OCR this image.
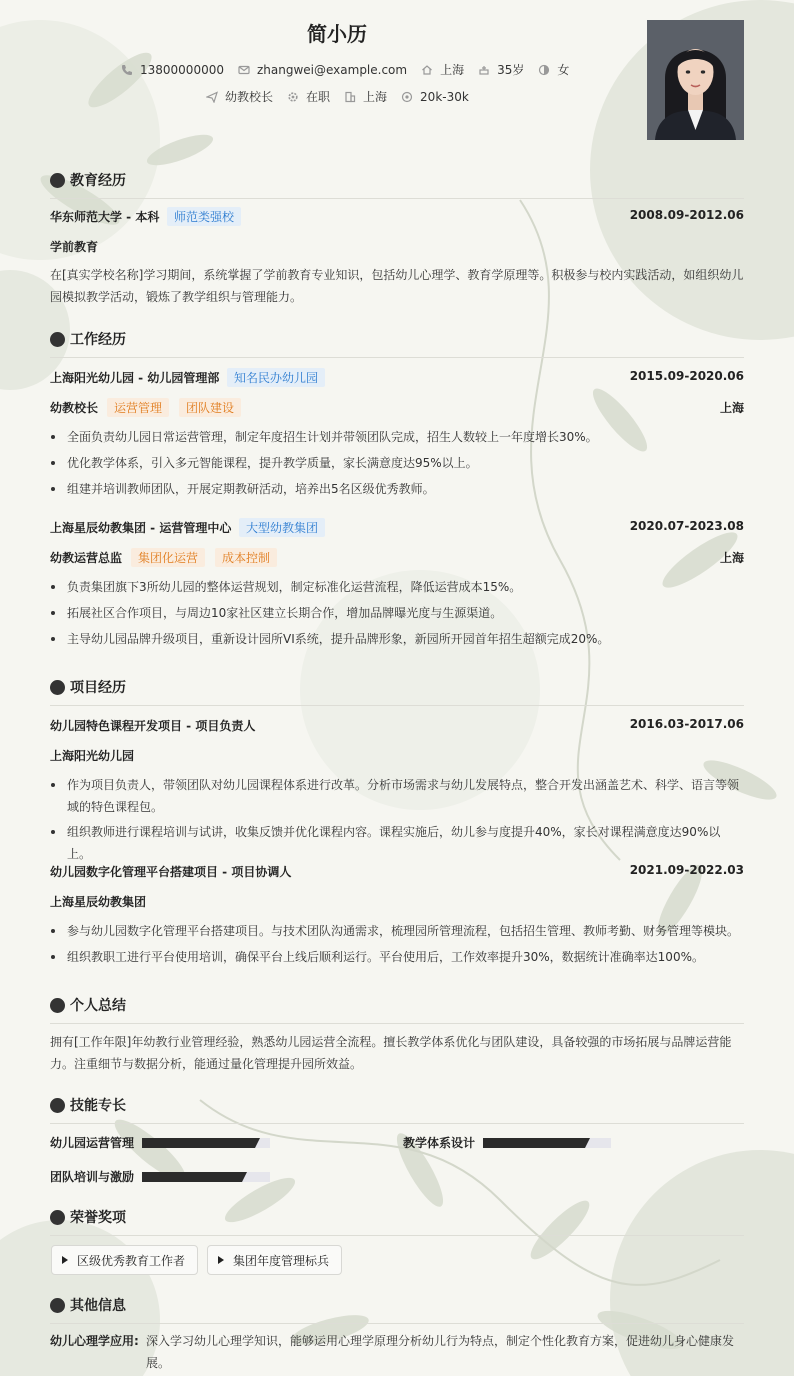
简小历
13800000000	zhangwei@example.com	上海	35岁	女
幼教校长	在职	上海	20k-30k
教育经历
华东师范大学 - 本科	师范类强校	2008.09-2012.06
学前教育
在[真实学校名称]学习期间，系统掌握了学前教育专业知识，包括幼儿心理学、教育学原理等。积极参与校内实践活动，如组织幼儿园模拟教学活动，锻炼了教学组织与管理能力。
工作经历
上海阳光幼儿园 - 幼儿园管理部	知名民办幼儿园	2015.09-2020.06
幼教校长	运营管理	团队建设	上海
全面负责幼儿园日常运营管理，制定年度招生计划并带领团队完成，招生人数较上一年度增长30%。
优化教学体系，引入多元智能课程，提升教学质量，家长满意度达95%以上。
组建并培训教师团队，开展定期教研活动，培养出5名区级优秀教师。
上海星辰幼教集团 - 运营管理中心	大型幼教集团	2020.07-2023.08
幼教运营总监	集团化运营	成本控制	上海
负责集团旗下3所幼儿园的整体运营规划，制定标准化运营流程，降低运营成本15%。
拓展社区合作项目，与周边10家社区建立长期合作，增加品牌曝光度与生源渠道。
主导幼儿园品牌升级项目，重新设计园所VI系统，提升品牌形象，新园所开园首年招生超额完成20%。
项目经历
幼儿园特色课程开发项目 - 项目负责人	2016.03-2017.06
上海阳光幼儿园
作为项目负责人，带领团队对幼儿园课程体系进行改革。分析市场需求与幼儿发展特点，整合开发出涵盖艺术、科学、语言等领域的特色课程包。
组织教师进行课程培训与试讲，收集反馈并优化课程内容。课程实施后，幼儿参与度提升40%，家长对课程满意度达90%以上。
幼儿园数字化管理平台搭建项目 - 项目协调人	2021.09-2022.03
上海星辰幼教集团
参与幼儿园数字化管理平台搭建项目。与技术团队沟通需求，梳理园所管理流程，包括招生管理、教师考勤、财务管理等模块。
组织教职工进行平台使用培训，确保平台上线后顺利运行。平台使用后，工作效率提升30%，数据统计准确率达100%。
个人总结
拥有[工作年限]年幼教行业管理经验，熟悉幼儿园运营全流程。擅长教学体系优化与团队建设，具备较强的市场拓展与品牌运营能力。注重细节与数据分析，能通过量化管理提升园所效益。
技能专长
幼儿园运营管理	教学体系设计
团队培训与激励
荣誉奖项
区级优秀教育工作者	集团年度管理标兵
其他信息
幼儿心理学应用: 深入学习幼儿心理学知识，能够运用心理学原理分析幼儿行为特点，制定个性化教育方案，促进幼儿身心健康发展。
